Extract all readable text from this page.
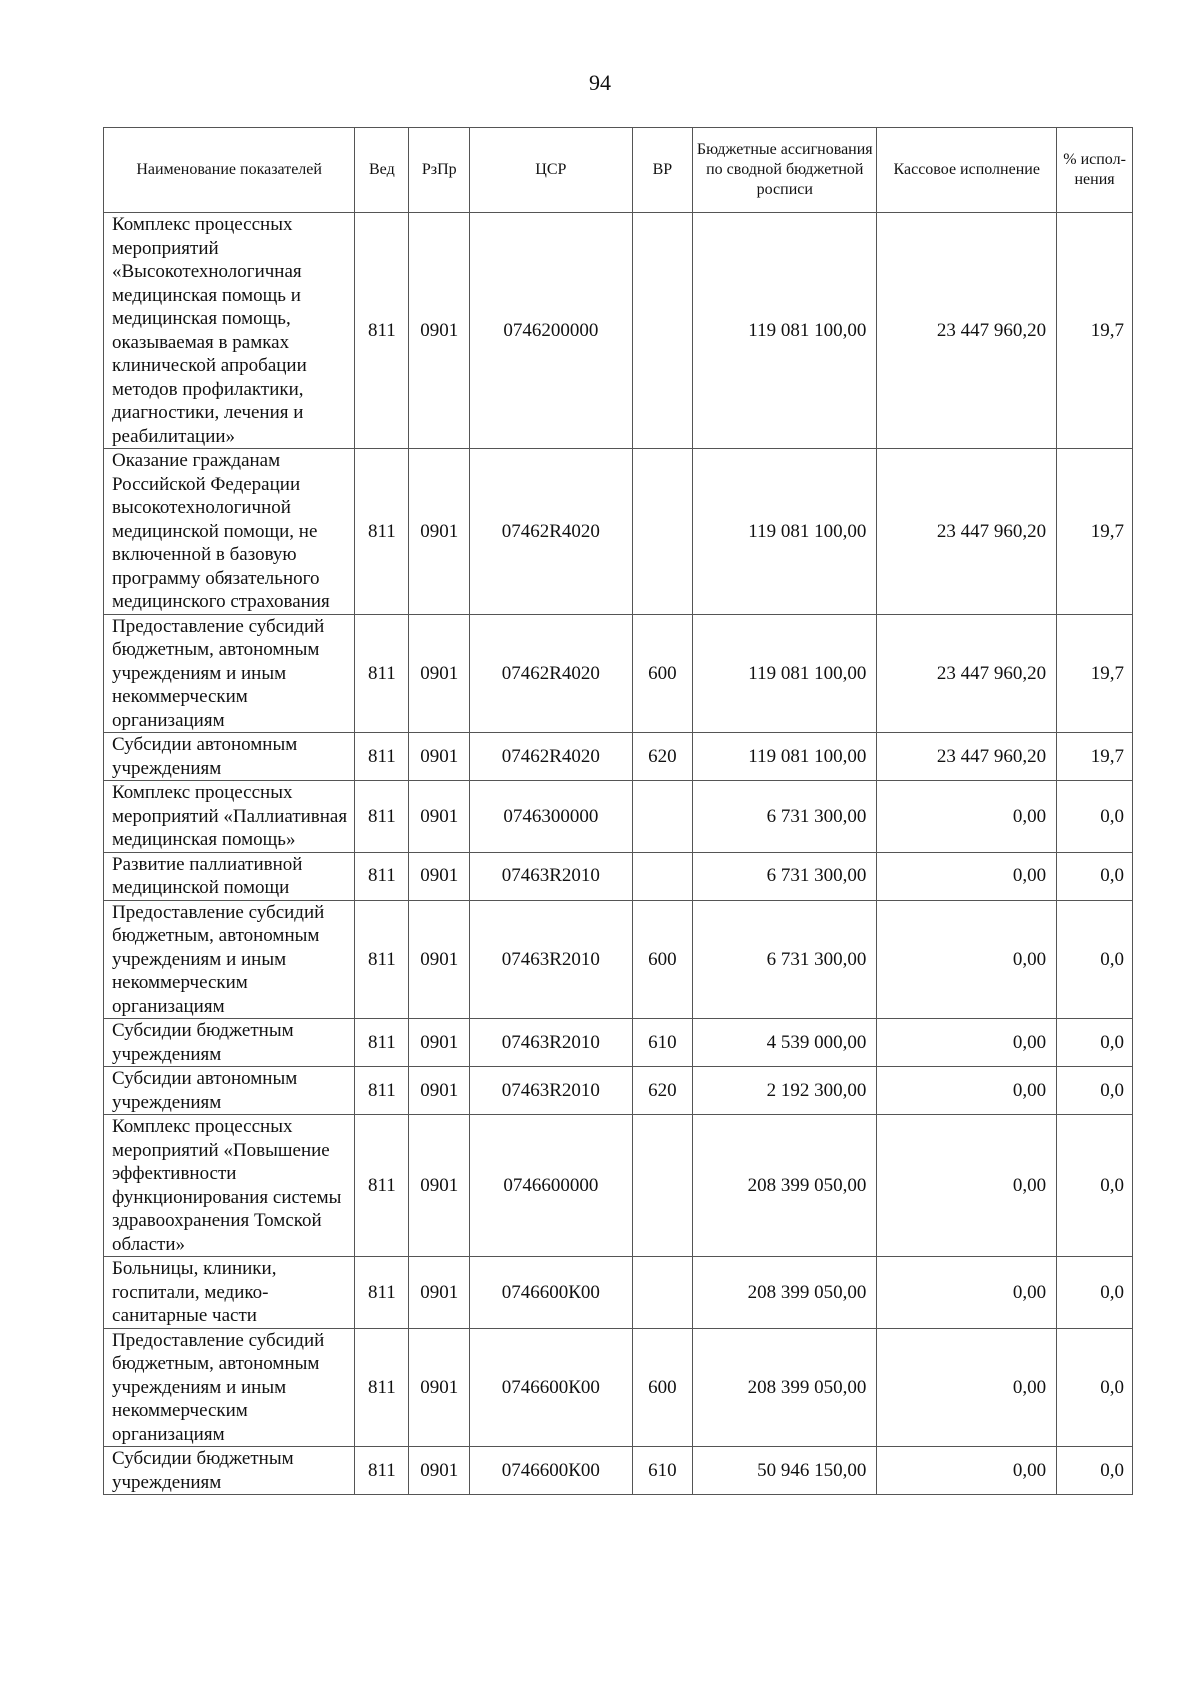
94
Наименование показателей	Вед	РзПр	ЦСР	ВР	Бюджетные ассигнования по сводной бюджетной росписи	Кассовое исполнение	% испол-нения
Комплекс процессных мероприятий «Высокотехнологичная медицинская помощь и медицинская помощь, оказываемая в рамках клинической апробации методов профилактики, диагностики, лечения и реабилитации»	811	0901	0746200000		119 081 100,00	23 447 960,20	19,7
Оказание гражданам Российской Федерации высокотехнологичной медицинской помощи, не включенной в базовую программу обязательного медицинского страхования	811	0901	07462R4020		119 081 100,00	23 447 960,20	19,7
Предоставление субсидий бюджетным, автономным учреждениям и иным некоммерческим организациям	811	0901	07462R4020	600	119 081 100,00	23 447 960,20	19,7
Субсидии автономным учреждениям	811	0901	07462R4020	620	119 081 100,00	23 447 960,20	19,7
Комплекс процессных мероприятий «Паллиативная медицинская помощь»	811	0901	0746300000		6 731 300,00	0,00	0,0
Развитие паллиативной медицинской помощи	811	0901	07463R2010		6 731 300,00	0,00	0,0
Предоставление субсидий бюджетным, автономным учреждениям и иным некоммерческим организациям	811	0901	07463R2010	600	6 731 300,00	0,00	0,0
Субсидии бюджетным учреждениям	811	0901	07463R2010	610	4 539 000,00	0,00	0,0
Субсидии автономным учреждениям	811	0901	07463R2010	620	2 192 300,00	0,00	0,0
Комплекс процессных мероприятий «Повышение эффективности функционирования системы здравоохранения Томской области»	811	0901	0746600000		208 399 050,00	0,00	0,0
Больницы, клиники, госпитали, медико-санитарные части	811	0901	0746600К00		208 399 050,00	0,00	0,0
Предоставление субсидий бюджетным, автономным учреждениям и иным некоммерческим организациям	811	0901	0746600К00	600	208 399 050,00	0,00	0,0
Субсидии бюджетным учреждениям	811	0901	0746600К00	610	50 946 150,00	0,00	0,0
